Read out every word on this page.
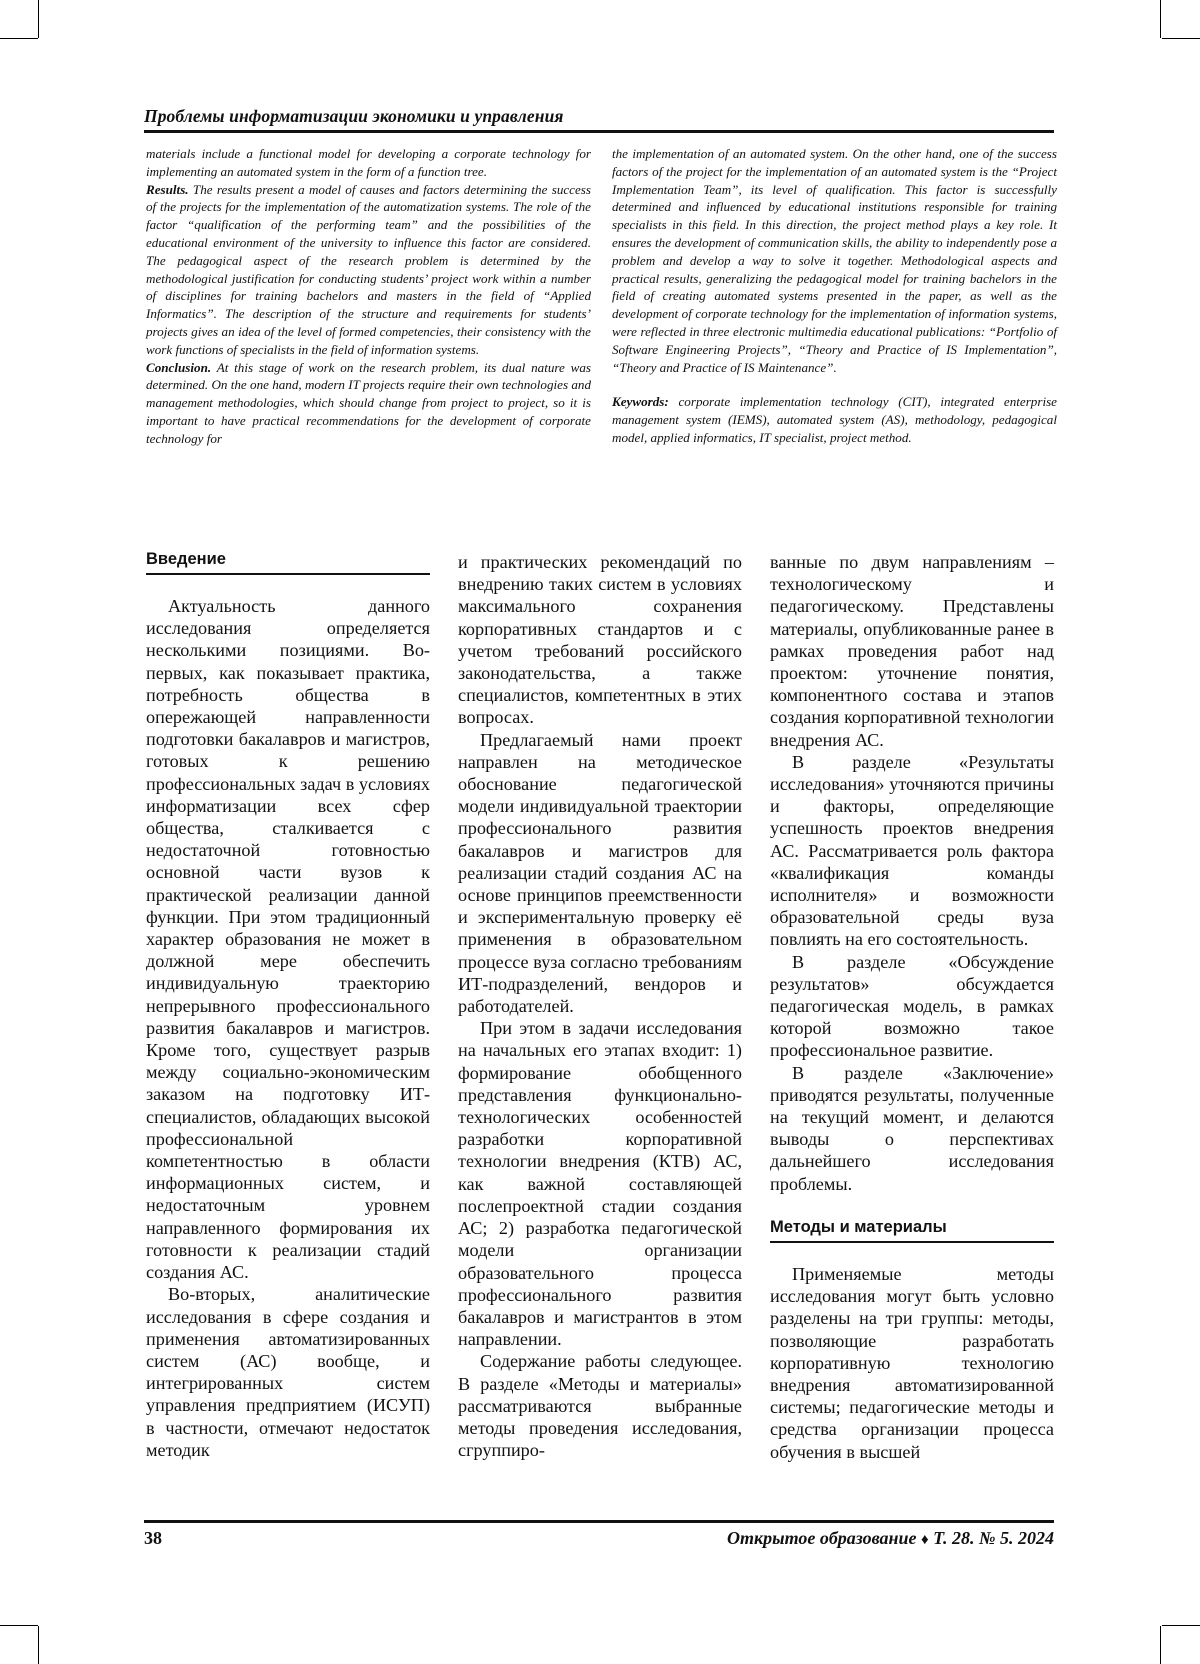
Проблемы информатизации экономики и управления

materials include a functional model for developing a corporate technology for implementing an automated system in the form of a function tree.

Results. The results present a model of causes and factors determining the success of the projects for the implementation of the automatization systems. The role of the factor “qualification of the performing team” and the possibilities of the educational environment of the university to influence this factor are considered. The pedagogical aspect of the research problem is determined by the methodological justification for conducting students’ project work within a number of disciplines for training bachelors and masters in the field of “Applied Informatics”. The description of the structure and requirements for students’ projects gives an idea of the level of formed competencies, their consistency with the work functions of specialists in the field of information systems.

Conclusion. At this stage of work on the research problem, its dual nature was determined. On the one hand, modern IT projects require their own technologies and management methodologies, which should change from project to project, so it is important to have practical recommendations for the development of corporate technology for

the implementation of an automated system. On the other hand, one of the success factors of the project for the implementation of an automated system is the “Project Implementation Team”, its level of qualification. This factor is successfully determined and influenced by educational institutions responsible for training specialists in this field. In this direction, the project method plays a key role. It ensures the development of communication skills, the ability to independently pose a problem and develop a way to solve it together. Methodological aspects and practical results, generalizing the pedagogical model for training bachelors in the field of creating automated systems presented in the paper, as well as the development of corporate technology for the implementation of information systems, were reflected in three electronic multimedia educational publications: “Portfolio of Software Engineering Projects”, “Theory and Practice of IS Implementation”, “Theory and Practice of IS Maintenance”.

Keywords: corporate implementation technology (CIT), integrated enterprise management system (IEMS), automated system (AS), methodology, pedagogical model, applied informatics, IT specialist, project method.

Введение

Актуальность данного исследования определяется несколькими позициями. Во-первых, как показывает практика, потребность общества в опережающей направленности подготовки бакалавров и магистров, готовых к решению профессиональных задач в условиях информатизации всех сфер общества, сталкивается с недостаточной готовностью основной части вузов к практической реализации данной функции. При этом традиционный характер образования не может в должной мере обеспечить индивидуальную траекторию непрерывного профессионального развития бакалавров и магистров. Кроме того, существует разрыв между социально-экономическим заказом на подготовку ИТ-специалистов, обладающих высокой профессиональной компетентностью в области информационных систем, и недостаточным уровнем направленного формирования их готовности к реализации стадий создания АС.

Во-вторых, аналитические исследования в сфере создания и применения автоматизированных систем (АС) вообще, и интегрированных систем управления предприятием (ИСУП) в частности, отмечают недостаток методик

и практических рекомендаций по внедрению таких систем в условиях максимального сохранения корпоративных стандартов и с учетом требований российского законодательства, а также специалистов, компетентных в этих вопросах.

Предлагаемый нами проект направлен на методическое обоснование педагогической модели индивидуальной траектории профессионального развития бакалавров и магистров для реализации стадий создания АС на основе принципов преемственности и экспериментальную проверку её применения в образовательном процессе вуза согласно требованиям ИТ-подразделений, вендоров и работодателей.

При этом в задачи исследования на начальных его этапах входит: 1) формирование обобщенного представления функционально-технологических особенностей разработки корпоративной технологии внедрения (КТВ) АС, как важной составляющей послепроектной стадии создания АС; 2) разработка педагогической модели организации образовательного процесса профессионального развития бакалавров и магистрантов в этом направлении.

Содержание работы следующее. В разделе «Методы и материалы» рассматриваются выбранные методы проведения исследования, сгруппиро-

ванные по двум направлениям – технологическому и педагогическому. Представлены материалы, опубликованные ранее в рамках проведения работ над проектом: уточнение понятия, компонентного состава и этапов создания корпоративной технологии внедрения АС.

В разделе «Результаты исследования» уточняются причины и факторы, определяющие успешность проектов внедрения АС. Рассматривается роль фактора «квалификация команды исполнителя» и возможности образовательной среды вуза повлиять на его состоятельность.

В разделе «Обсуждение результатов» обсуждается педагогическая модель, в рамках которой возможно такое профессиональное развитие.

В разделе «Заключение» приводятся результаты, полученные на текущий момент, и делаются выводы о перспективах дальнейшего исследования проблемы.

Методы и материалы

Применяемые методы исследования могут быть условно разделены на три группы: методы, позволяющие разработать корпоративную технологию внедрения автоматизированной системы; педагогические методы и средства организации процесса обучения в высшей

38	Открытое образование ♦ Т. 28. № 5. 2024
